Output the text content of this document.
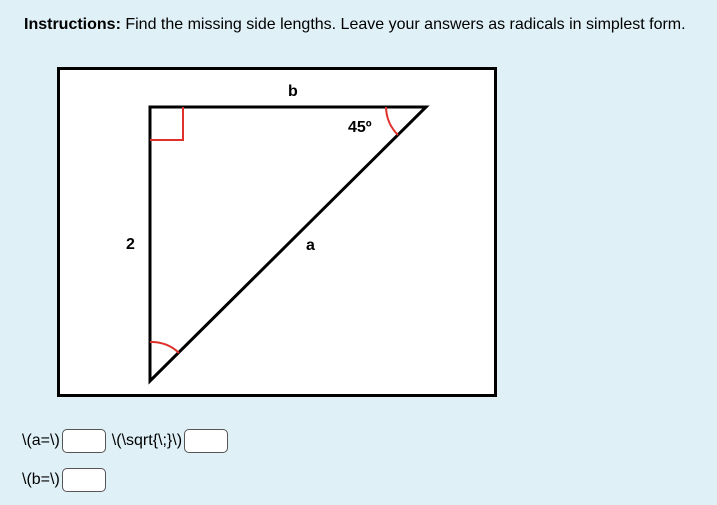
Instructions: Find the missing side lengths. Leave your answers as radicals in simplest form.
b
45º
2	a
\(a=\)	\(\sqrt{\;}\)
\(b=\)
